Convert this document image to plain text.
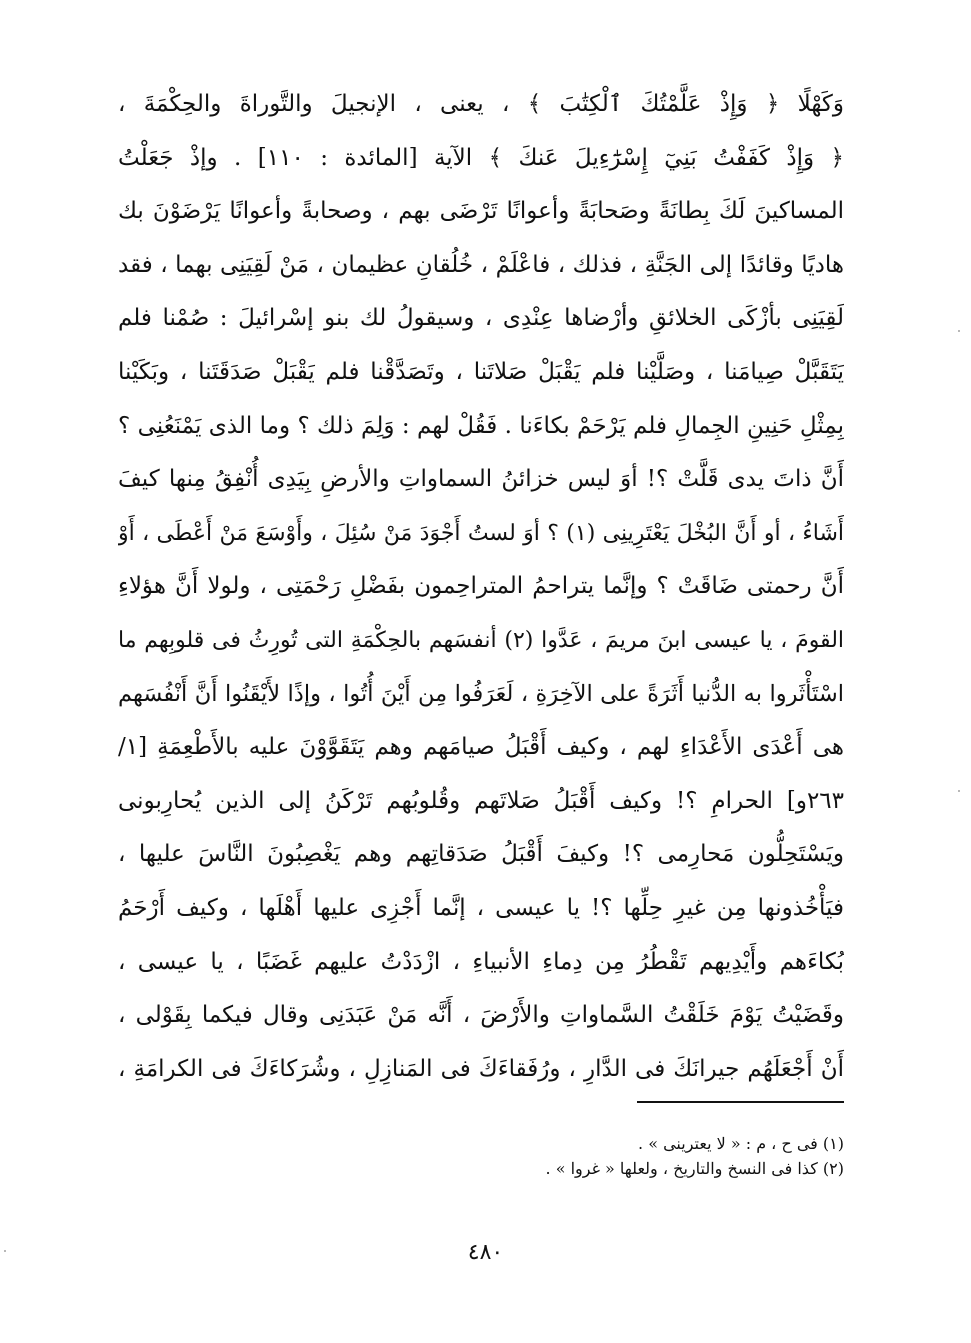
وَكَهْلًا ﴿ وَإِذْ عَلَّمْتُكَ ٱلْكِتَٰبَ ﴾ ، يعنى ، الإنجيلَ والتَّوراةَ والحِكْمَةَ ،
﴿ وَإِذْ كَفَفْتُ بَنِيٓ إِسْرَٰٓءِيلَ عَنكَ ﴾ الآية [المائدة : ١١٠] . وإذْ جَعَلْتُ
المساكينَ لَكَ بِطانَةً وصَحابَةً وأعوانًا تَرْضَى بهم ، وصحابةً وأعوانًا يَرْضَوْنَ بك
هاديًا وقائدًا إلى الجَنَّةِ ، فذلك ، فاعْلَمْ ، خُلُقانِ عظيمان ، مَنْ لَقِيَنِى بهما ، فقد
لَقِيَنِى بأزْكَى الخلائقِ وأرْضاها عِنْدِى ، وسيقولُ لك بنو إسْرائيلَ : صُمْنا فلم
يَتَقَبَّلْ صِيامَنا ، وصَلَّيْنا فلم يَقْبَلْ صَلاتَنا ، وتَصَدَّقْنا فلم يَقْبَلْ صَدَقَتَنا ، وبَكَيْنا
بِمِثْلِ حَنِينِ الجِمالِ فلم يَرْحَمْ بكاءَنا . فَقُلْ لهم : وَلِمَ ذلك ؟ وما الذى يَمْنَعُنِى ؟
أَنَّ ذاتَ يدى قَلَّتْ ؟! أوَ ليس خزائنُ السماواتِ والأرضِ بِيَدِى أُنْفِقُ مِنها كيفَ
أَشَاءُ ، أو أَنَّ البُخْلَ يَعْتَرِينِى (١) ؟ أوَ لستُ أَجْوَدَ مَنْ سُئِلَ ، وأَوْسَعَ مَنْ أَعْطَى ، أَوْ
أَنَّ رحمتى ضَاقَتْ ؟ وإنَّما يتراحمُ المتراحِمون بفَضْلِ رَحْمَتِى ، ولولا أَنَّ هؤلاءِ
القومَ ، يا عيسى ابنَ مريمَ ، عَدَّوا (٢) أنفسَهم بالحِكْمَةِ التى تُورِثُ فى قلوبِهم ما
اسْتَأْثَروا به الدُّنيا أَثَرَةً على الآخِرَةِ ، لَعَرَفُوا مِن أَيْنَ أُتُوا ، وإذًا لأَيْقَنُوا أَنَّ أَنْفُسَهم
هى أَعْدَى الأَعْدَاءِ لهم ، وكيف أَقْبَلُ صيامَهم وهم يَتَقَوَّوْنَ عليه بالأَطْعِمَةِ [١/
٢٦٣و] الحرامِ ؟! وكيف أَقْبَلُ صَلاتَهم وقُلوبُهم تَرْكَنُ إلى الذين يُحارِبونى
ويَسْتَحِلُّون مَحارِمى ؟! وكيفَ أَقْبَلُ صَدَقاتِهم وهم يَغْصِبُونَ النَّاسَ عليها ،
فيَأْخُذونها مِن غيرِ حِلِّها ؟! يا عيسى ، إنَّما أَجْزِى عليها أَهْلَها ، وكيف أَرْحَمُ
بُكاءَهم وأَيْدِيهم تَقْطُرُ مِن دِماءِ الأنبياءِ ، ازْدَدْتُ عليهم غَضَبًا ، يا عيسى ،
وقَضَيْتُ يَوْمَ خَلَقْتُ السَّماواتِ والأَرْضَ ، أَنَّه مَنْ عَبَدَنِى وقال فيكما بِقَوْلى ،
أَنْ أَجْعَلَهُم جيرانَكَ فى الدَّارِ ، ورُفَقاءَكَ فى المَنازِلِ ، وشُرَكاءَكَ فى الكرامَةِ ،
(١) فى ح ، م : « لا يعترينى » .
(٢) كذا فى النسخ والتاريخ ، ولعلها « غروا » .
٤٨٠
